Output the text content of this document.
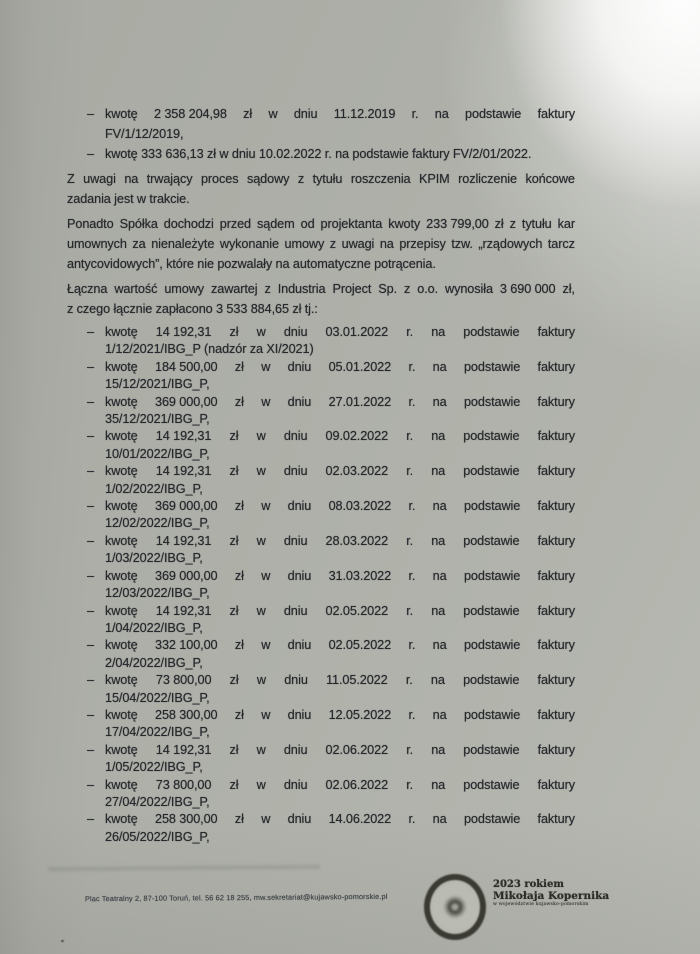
– kwotę 2 358 204,98 zł w dniu 11.12.2019 r. na podstawie faktury
FV/1/12/2019,
– kwotę 333 636,13 zł w dniu 10.02.2022 r. na podstawie faktury FV/2/01/2022.
Z uwagi na trwający proces sądowy z tytułu roszczenia KPIM rozliczenie końcowe
zadania jest w trakcie.
Ponadto Spółka dochodzi przed sądem od projektanta kwoty 233 799,00 zł z tytułu kar
umownych za nienależyte wykonanie umowy z uwagi na przepisy tzw. „rządowych tarcz
antycovidowych”, które nie pozwalały na automatyczne potrącenia.
Łączna wartość umowy zawartej z Industria Project Sp. z o.o. wynosiła 3 690 000 zł,
z czego łącznie zapłacono 3 533 884,65 zł tj.:
– kwotę 14 192,31 zł w dniu 03.01.2022 r. na podstawie faktury
1/12/2021/IBG_P (nadzór za XI/2021)
– kwotę 184 500,00 zł w dniu 05.01.2022 r. na podstawie faktury
15/12/2021/IBG_P,
– kwotę 369 000,00 zł w dniu 27.01.2022 r. na podstawie faktury
35/12/2021/IBG_P,
– kwotę 14 192,31 zł w dniu 09.02.2022 r. na podstawie faktury
10/01/2022/IBG_P,
– kwotę 14 192,31 zł w dniu 02.03.2022 r. na podstawie faktury
1/02/2022/IBG_P,
– kwotę 369 000,00 zł w dniu 08.03.2022 r. na podstawie faktury
12/02/2022/IBG_P,
– kwotę 14 192,31 zł w dniu 28.03.2022 r. na podstawie faktury
1/03/2022/IBG_P,
– kwotę 369 000,00 zł w dniu 31.03.2022 r. na podstawie faktury
12/03/2022/IBG_P,
– kwotę 14 192,31 zł w dniu 02.05.2022 r. na podstawie faktury
1/04/2022/IBG_P,
– kwotę 332 100,00 zł w dniu 02.05.2022 r. na podstawie faktury
2/04/2022/IBG_P,
– kwotę 73 800,00 zł w dniu 11.05.2022 r. na podstawie faktury
15/04/2022/IBG_P,
– kwotę 258 300,00 zł w dniu 12.05.2022 r. na podstawie faktury
17/04/2022/IBG_P,
– kwotę 14 192,31 zł w dniu 02.06.2022 r. na podstawie faktury
1/05/2022/IBG_P,
– kwotę 73 800,00 zł w dniu 02.06.2022 r. na podstawie faktury
27/04/2022/IBG_P,
– kwotę 258 300,00 zł w dniu 14.06.2022 r. na podstawie faktury
26/05/2022/IBG_P,
Plac Teatralny 2, 87-100 Toruń, tel. 56 62 18 255, mw.sekretariat@kujawsko-pomorskie.pl
2023 rokiem
Mikołaja Kopernika
w województwie kujawsko-pomorskim
